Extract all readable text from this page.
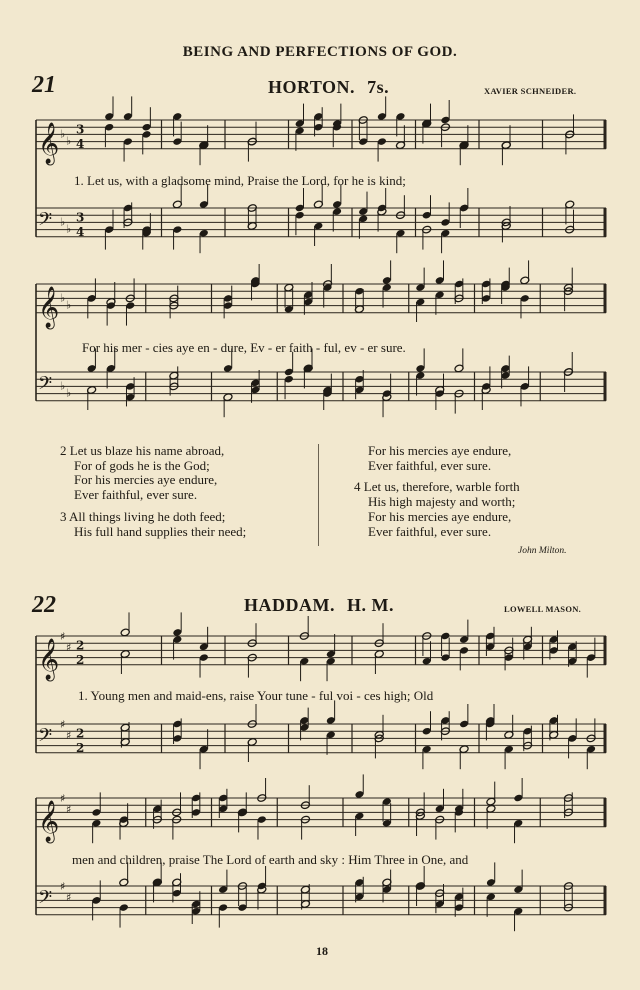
BEING AND PERFECTIONS OF GOD.
21	HORTON. 7s.	XAVIER SCHNEIDER.
𝄞 ♭
♭
3
4
𝄢 ♭
♭
3
4
1. Let us, with a gladsome mind, Praise the Lord, for he is kind;
𝄞 ♭
♭
𝄢 ♭
♭
For his mer - cies aye en - dure, Ev - er faith - ful, ev - er sure.

2 Let us blaze his name abroad,

For of gods he is the God;

For his mercies aye endure,

Ever faithful, ever sure.

3 All things living he doth feed;

His full hand supplies their need;

For his mercies aye endure,

Ever faithful, ever sure.

4 Let us, therefore, warble forth

His high majesty and worth;

For his mercies aye endure,

Ever faithful, ever sure.

John Milton.
22	HADDAM. H. M.	LOWELL MASON.
𝄞
♯
♯ 2
2
𝄢
♯
♯ 2
2
1. Young men and maid-ens, raise Your tune - ful voi - ces high; Old
𝄞
♯
♯
𝄢
♯
♯
men and children, praise The Lord of earth and sky : Him Three in One, and
18
